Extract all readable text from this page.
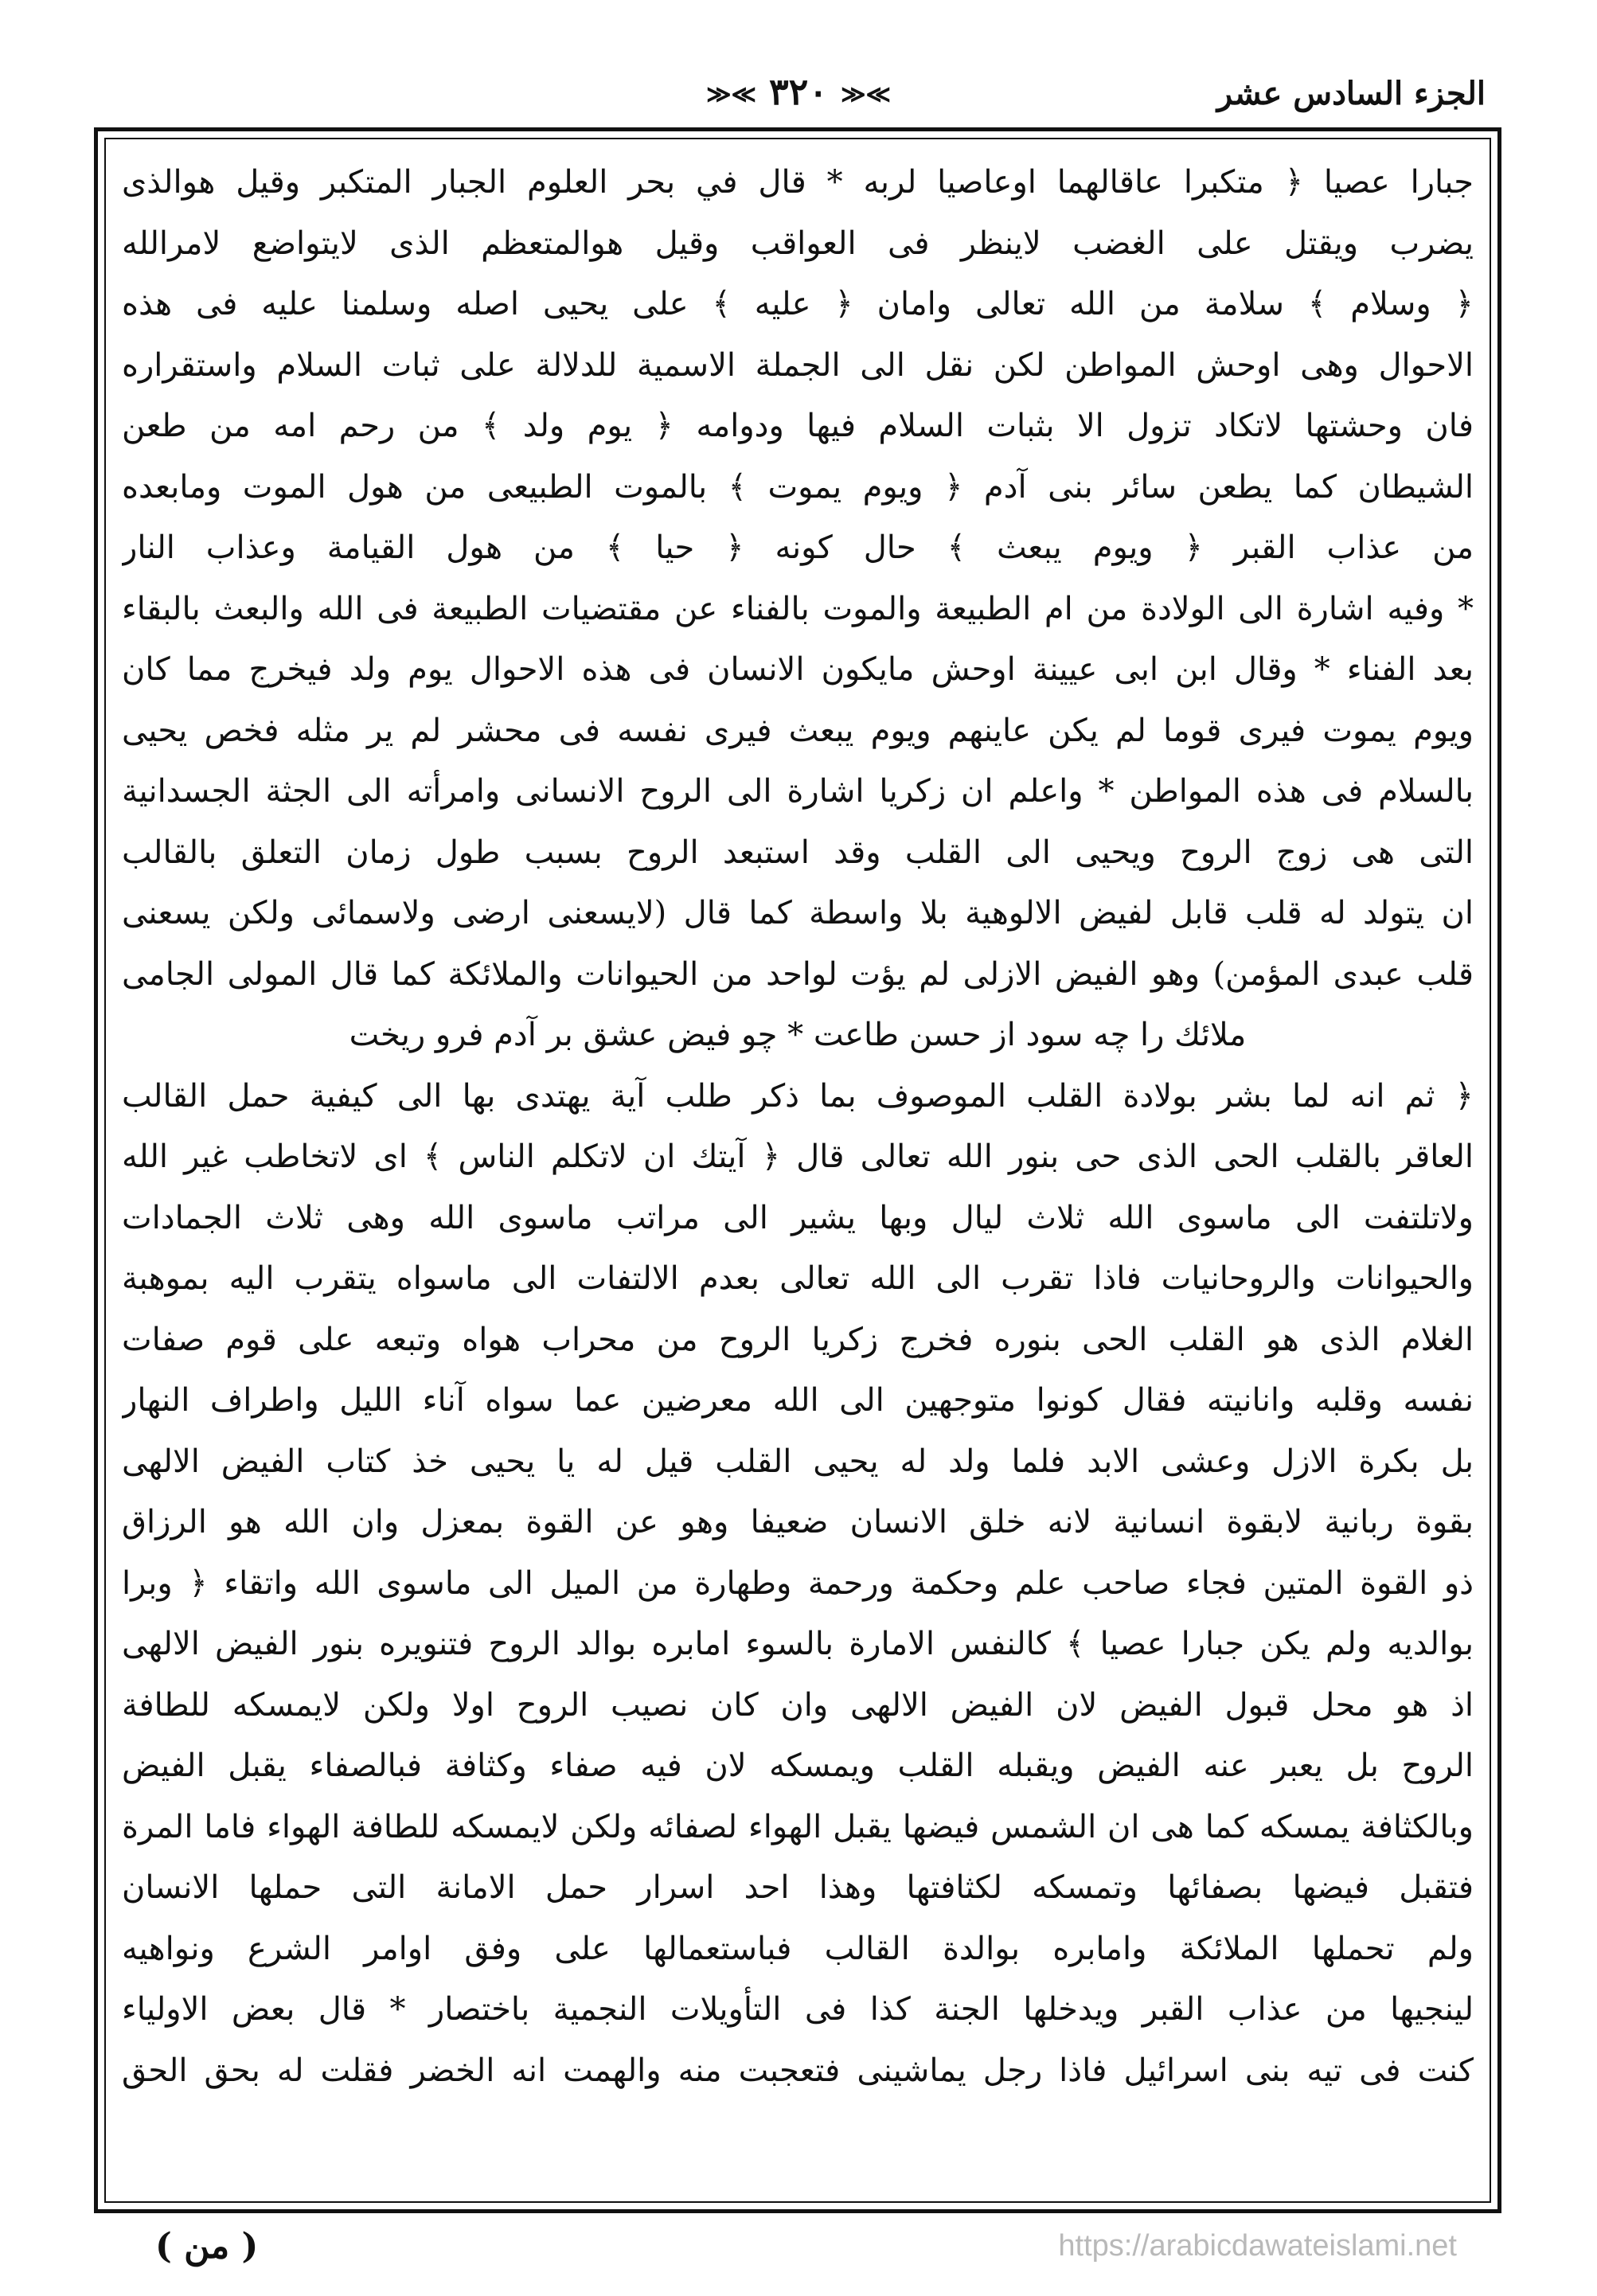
الجزء السادس عشر
≫≪ ٣٢٠ ≫≪
جبارا عصيا ﴿ متكبرا عاقالهما اوعاصيا لربه * قال في بحر العلوم الجبار المتكبر وقيل هوالذى
يضرب ويقتل على الغضب لاينظر فى العواقب وقيل هوالمتعظم الذى لايتواضع لامرالله
﴿ وسلام ﴾ سلامة من الله تعالى وامان ﴿ عليه ﴾ على يحيى اصله وسلمنا عليه فى هذه
الاحوال وهى اوحش المواطن لكن نقل الى الجملة الاسمية للدلالة على ثبات السلام واستقراره
فان وحشتها لاتكاد تزول الا بثبات السلام فيها ودوامه ﴿ يوم ولد ﴾ من رحم امه من طعن
الشيطان كما يطعن سائر بنى آدم ﴿ ويوم يموت ﴾ بالموت الطبيعى من هول الموت ومابعده
من عذاب القبر ﴿ ويوم يبعث ﴾ حال كونه ﴿ حيا ﴾ من هول القيامة وعذاب النار
* وفيه اشارة الى الولادة من ام الطبيعة والموت بالفناء عن مقتضيات الطبيعة فى الله والبعث بالبقاء
بعد الفناء * وقال ابن ابى عيينة اوحش مايكون الانسان فى هذه الاحوال يوم ولد فيخرج مما كان
ويوم يموت فيرى قوما لم يكن عاينهم ويوم يبعث فيرى نفسه فى محشر لم ير مثله فخص يحيى
بالسلام فى هذه المواطن * واعلم ان زكريا اشارة الى الروح الانسانى وامرأته الى الجثة الجسدانية
التى هى زوج الروح ويحيى الى القلب وقد استبعد الروح بسبب طول زمان التعلق بالقالب
ان يتولد له قلب قابل لفيض الالوهية بلا واسطة كما قال (لايسعنى ارضى ولاسمائى ولكن يسعنى
قلب عبدى المؤمن) وهو الفيض الازلى لم يؤت لواحد من الحيوانات والملائكة كما قال المولى الجامى
ملائك را چه سود از حسن طاعت * چو فيض عشق بر آدم فرو ريخت
﴿ ثم انه لما بشر بولادة القلب الموصوف بما ذكر طلب آية يهتدى بها الى كيفية حمل القالب
العاقر بالقلب الحى الذى حى بنور الله تعالى قال ﴿ آيتك ان لاتكلم الناس ﴾ اى لاتخاطب غير الله
ولاتلتفت الى ماسوى الله ثلاث ليال وبها يشير الى مراتب ماسوى الله وهى ثلاث الجمادات
والحيوانات والروحانيات فاذا تقرب الى الله تعالى بعدم الالتفات الى ماسواه يتقرب اليه بموهبة
الغلام الذى هو القلب الحى بنوره فخرج زكريا الروح من محراب هواه وتبعه على قوم صفات
نفسه وقلبه وانانيته فقال كونوا متوجهين الى الله معرضين عما سواه آناء الليل واطراف النهار
بل بكرة الازل وعشى الابد فلما ولد له يحيى القلب قيل له يا يحيى خذ كتاب الفيض الالهى
بقوة ربانية لابقوة انسانية لانه خلق الانسان ضعيفا وهو عن القوة بمعزل وان الله هو الرزاق
ذو القوة المتين فجاء صاحب علم وحكمة ورحمة وطهارة من الميل الى ماسوى الله واتقاء ﴿ وبرا
بوالديه ولم يكن جبارا عصيا ﴾ كالنفس الامارة بالسوء امابره بوالد الروح فتنويره بنور الفيض الالهى
اذ هو محل قبول الفيض لان الفيض الالهى وان كان نصيب الروح اولا ولكن لايمسكه للطافة
الروح بل يعبر عنه الفيض ويقبله القلب ويمسكه لان فيه صفاء وكثافة فبالصفاء يقبل الفيض
وبالكثافة يمسكه كما هى ان الشمس فيضها يقبل الهواء لصفائه ولكن لايمسكه للطافة الهواء فاما المرة
فتقبل فيضها بصفائها وتمسكه لكثافتها وهذا احد اسرار حمل الامانة التى حملها الانسان
ولم تحملها الملائكة وامابره بوالدة القالب فباستعمالها على وفق اوامر الشرع ونواهيه
لينجيها من عذاب القبر ويدخلها الجنة كذا فى التأويلات النجمية باختصار * قال بعض الاولياء
كنت فى تيه بنى اسرائيل فاذا رجل يماشينى فتعجبت منه والهمت انه الخضر فقلت له بحق الحق
( من )	https://arabicdawateislami.net
